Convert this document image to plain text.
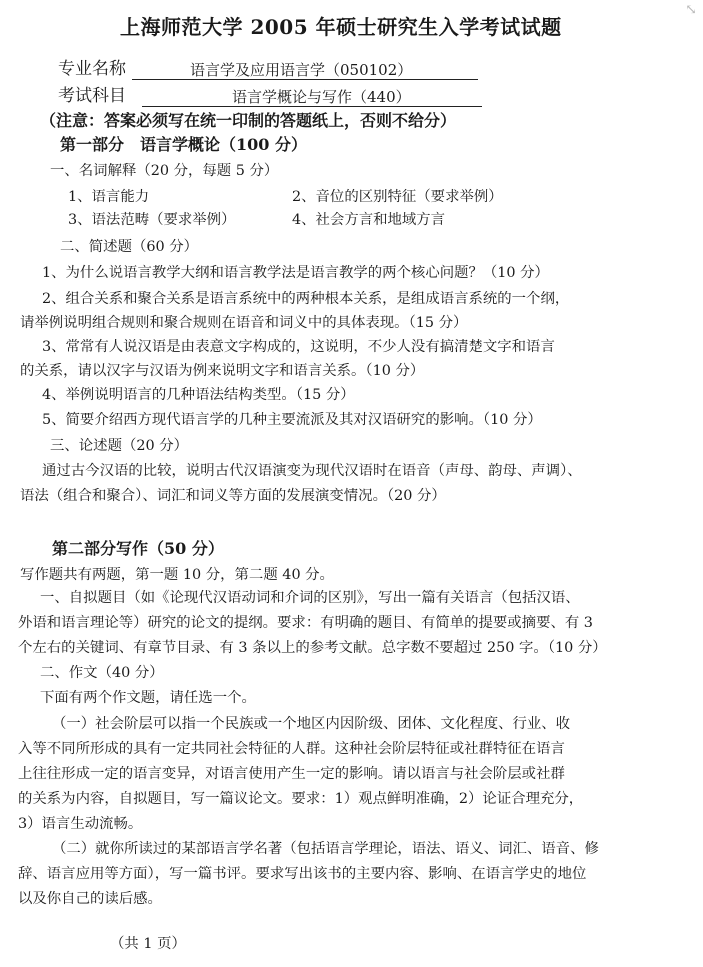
⤡
上海师范大学 2005 年硕士研究生入学考试试题
专业名称	语言学及应用语言学（050102）
考试科目	语言学概论与写作（440）
（注意：答案必须写在统一印制的答题纸上，否则不给分）
第一部分　语言学概论（100 分）
一、名词解释（20 分，每题 5 分）
1、语言能力	2、音位的区别特征（要求举例）
3、语法范畴（要求举例）	4、社会方言和地域方言
二、简述题（60 分）
1、为什么说语言教学大纲和语言教学法是语言教学的两个核心问题？（10 分）
2、组合关系和聚合关系是语言系统中的两种根本关系，是组成语言系统的一个纲，
请举例说明组合规则和聚合规则在语音和词义中的具体表现。（15 分）
3、常常有人说汉语是由表意文字构成的，这说明，不少人没有搞清楚文字和语言
的关系，请以汉字与汉语为例来说明文字和语言关系。（10 分）
4、举例说明语言的几种语法结构类型。（15 分）
5、简要介绍西方现代语言学的几种主要流派及其对汉语研究的影响。（10 分）
三、论述题（20 分）
通过古今汉语的比较，说明古代汉语演变为现代汉语时在语音（声母、韵母、声调）、
语法（组合和聚合）、词汇和词义等方面的发展演变情况。（20 分）
第二部分写作（50 分）
写作题共有两题，第一题 10 分，第二题 40 分。
一、自拟题目（如《论现代汉语动词和介词的区别》，写出一篇有关语言（包括汉语、
外语和语言理论等）研究的论文的提纲。要求：有明确的题目、有简单的提要或摘要、有 3
个左右的关键词、有章节目录、有 3 条以上的参考文献。总字数不要超过 250 字。（10 分）
二、作文（40 分）
下面有两个作文题，请任选一个。
（一）社会阶层可以指一个民族或一个地区内因阶级、团体、文化程度、行业、收
入等不同所形成的具有一定共同社会特征的人群。这种社会阶层特征或社群特征在语言
上往往形成一定的语言变异，对语言使用产生一定的影响。请以语言与社会阶层或社群
的关系为内容，自拟题目，写一篇议论文。要求：1）观点鲜明准确，2）论证合理充分，
3）语言生动流畅。
（二）就你所读过的某部语言学名著（包括语言学理论，语法、语义、词汇、语音、修
辞、语言应用等方面），写一篇书评。要求写出该书的主要内容、影响、在语言学史的地位
以及你自己的读后感。
（共 1 页）
